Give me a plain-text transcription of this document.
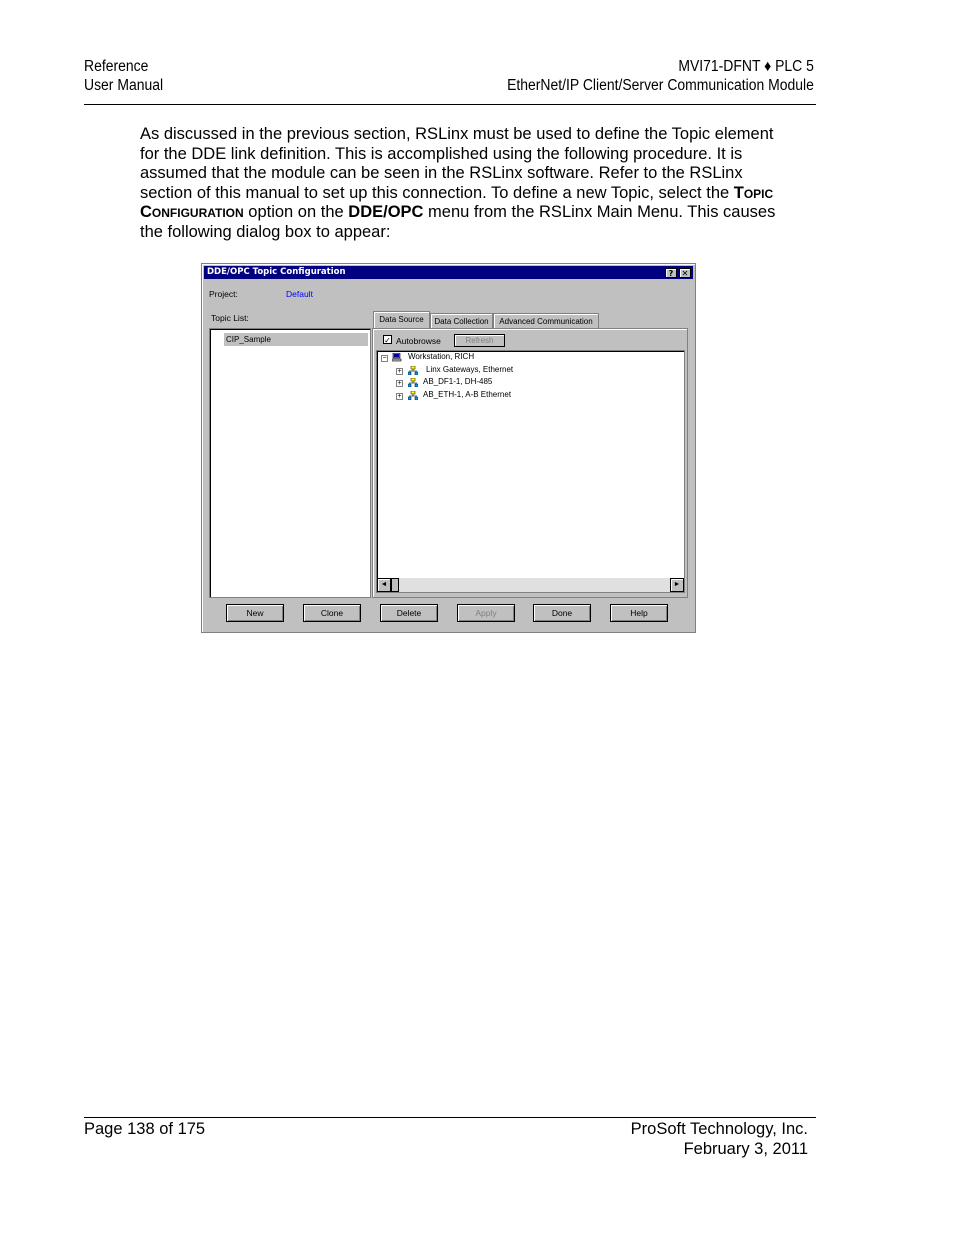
Reference
User Manual
MVI71-DFNT ♦ PLC 5
EtherNet/IP Client/Server Communication Module

As discussed in the previous section, RSLinx must be used to define the Topic element for the DDE link definition. This is accomplished using the following procedure. It is assumed that the module can be seen in the RSLinx software. Refer to the RSLinx section of this manual to set up this connection. To define a new Topic, select the Topic Configuration option on the DDE/OPC menu from the RSLinx Main Menu. This causes the following dialog box to appear:

DDE/OPC Topic Configuration	?	✕
Project:	Default
Topic List:
CIP_Sample
Data Source	Data Collection	Advanced Communication
✓ Autobrowse	Refresh
−	Workstation, RICH
+	Linx Gateways, Ethernet
+	AB_DF1-1, DH-485
+	AB_ETH-1, A-B Ethernet
◄	►
New	Clone	Delete	Apply	Done	Help
Page 138 of 175	ProSoft Technology, Inc.
February 3, 2011
